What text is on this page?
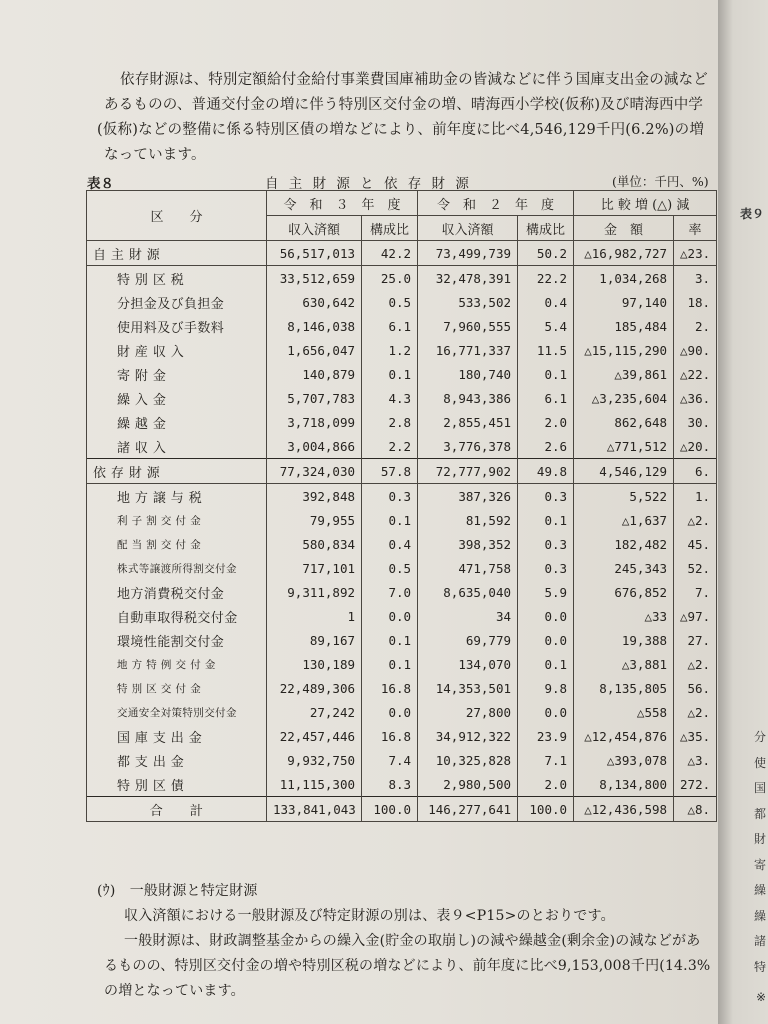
依存財源は、特別定額給付金給付事業費国庫補助金の皆減などに伴う国庫支出金の減など
あるものの、普通交付金の増に伴う特別区交付金の増、晴海西小学校(仮称)及び晴海西中学
(仮称)などの整備に係る特別区債の増などにより、前年度に比べ4,546,129千円(6.2%)の増
なっています。
表８	自 主 財 源 と 依 存 財 源	(単位：千円、%)
区　　分	令　和　３　年　度		令　和　２　年　度		比 較 増 (△) 減	
	収入済額	構成比	収入済額	構成比	金　額	率
自 主 財 源	56,517,013	42.2	73,499,739	50.2	△16,982,727	△23.
特 別 区 税	33,512,659	25.0	32,478,391	22.2	1,034,268	3.
分担金及び負担金	630,642	0.5	533,502	0.4	97,140	18.
使用料及び手数料	8,146,038	6.1	7,960,555	5.4	185,484	2.
財 産 収 入	1,656,047	1.2	16,771,337	11.5	△15,115,290	△90.
寄 附 金	140,879	0.1	180,740	0.1	△39,861	△22.
繰 入 金	5,707,783	4.3	8,943,386	6.1	△3,235,604	△36.
繰 越 金	3,718,099	2.8	2,855,451	2.0	862,648	30.
諸 収 入	3,004,866	2.2	3,776,378	2.6	△771,512	△20.
依 存 財 源	77,324,030	57.8	72,777,902	49.8	4,546,129	6.
地 方 譲 与 税	392,848	0.3	387,326	0.3	5,522	1.
利 子 割 交 付 金	79,955	0.1	81,592	0.1	△1,637	△2.
配 当 割 交 付 金	580,834	0.4	398,352	0.3	182,482	45.
株式等譲渡所得割交付金	717,101	0.5	471,758	0.3	245,343	52.
地方消費税交付金	9,311,892	7.0	8,635,040	5.9	676,852	7.
自動車取得税交付金	1	0.0	34	0.0	△33	△97.
環境性能割交付金	89,167	0.1	69,779	0.0	19,388	27.
地 方 特 例 交 付 金	130,189	0.1	134,070	0.1	△3,881	△2.
特 別 区 交 付 金	22,489,306	16.8	14,353,501	9.8	8,135,805	56.
交通安全対策特別交付金	27,242	0.0	27,800	0.0	△558	△2.
国 庫 支 出 金	22,457,446	16.8	34,912,322	23.9	△12,454,876	△35.
都 支 出 金	9,932,750	7.4	10,325,828	7.1	△393,078	△3.
特 別 区 債	11,115,300	8.3	2,980,500	2.0	8,134,800	272.
合　　計	133,841,043	100.0	146,277,641	100.0	△12,436,598	△8.
(ｳ)　一般財源と特定財源
収入済額における一般財源及び特定財源の別は、表９<P15>のとおりです。
一般財源は、財政調整基金からの繰入金(貯金の取崩し)の減や繰越金(剰余金)の減などがあ
るものの、特別区交付金の増や特別区税の増などにより、前年度に比べ9,153,008千円(14.3%
の増となっています。
表９
分
使
国
都
財
寄
繰
繰
諸
特
※
